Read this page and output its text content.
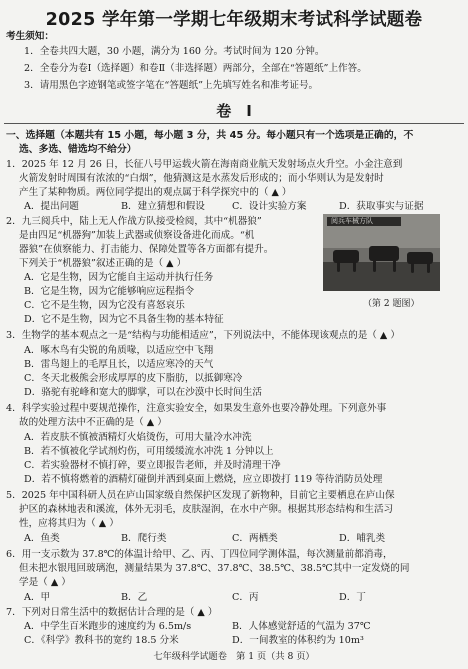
2025 学年第一学期七年级期末考试科学试题卷
考生须知：
1．全卷共四大题，30 小题，满分为 160 分。考试时间为 120 分钟。
2．全卷分为卷Ⅰ（选择题）和卷Ⅱ（非选择题）两部分，全部在“答题纸”上作答。
3．请用黑色字迹钢笔或签字笔在“答题纸”上先填写姓名和准考证号。
卷　Ⅰ
一、选择题（本题共有 15 小题，每小题 3 分，共 45 分。每小题只有一个选项是正确的，不
选、多选、错选均不给分）
1．2025 年 12 月 26 日，长征八号甲运载火箭在海南商业航天发射场点火升空。小金注意到
火箭发射时周围有浓浓的“白烟”，他猜测这是水蒸发后形成的；而小华则认为是发射时
产生了某种物质。两位同学提出的观点属于科学探究中的（ ▲ ）
A．提出问题	B．建立猜想和假设	C．设计实验方案
阅兵车械方队
D．获取事实与证据
2．九三阅兵中，陆上无人作战方队接受检阅，其中“机器狼”
是由四足“机器狗”加装上武器或侦察设备进化而成。“机
器狼”在侦察能力、打击能力、保障处置等各方面都有提升。
下列关于“机器狼”叙述正确的是（ ▲ ）
A．它是生物，因为它能自主运动并执行任务
B．它是生物，因为它能够响应远程指令
C．它不是生物，因为它没有喜怒哀乐
D．它不是生物，因为它不具备生物的基本特征
（第 2 题图）
3．生物学的基本观点之一是“结构与功能相适应”，下列说法中，不能体现该观点的是（ ▲ ）
A．啄木鸟有尖锐的角质喙，以适应空中飞翔
B．雷鸟翅上的毛厚且长，以适应寒冷的天气
C．冬天北极熊会形成厚厚的皮下脂肪，以抵御寒冷
D．骆驼有驼峰和宽大的脚掌，可以在沙漠中长时间生活
4．科学实验过程中要规范操作，注意实验安全，如果发生意外也要冷静处理。下列意外事
故的处理方法中不正确的是（ ▲ ）
A．若皮肤不慎被酒精灯火焰烫伤，可用大量冷水冲洗
B．若不慎被化学试剂灼伤，可用缓缓流水冲洗 1 分钟以上
C．若实验器材不慎打碎，要立即报告老师，并及时清理干净
D．若不慎将燃着的酒精灯碰倒并洒到桌面上燃烧，应立即拨打 119 等待消防员处理
5．2025 年中国科研人员在庐山国家级自然保护区发现了新物种，目前它主要栖息在庐山保
护区的森林地表和溪流，体外无羽毛，皮肤湿润，在水中产卵。根据其形态结构和生活习
性，应将其归为（ ▲ ）
A．鱼类	B．爬行类	C．两栖类	D．哺乳类
6．用一支示数为 37.8℃的体温计给甲、乙、丙、丁四位同学测体温，每次测量前都消毒，
但未把水银甩回玻璃泡，测量结果为 37.8℃、37.8℃、38.5℃、38.5℃其中一定发烧的同
学是（ ▲ ）
A．甲	B．乙	C．丙	D．丁
7．下列对日常生活中的数据估计合理的是（ ▲ ）
A．中学生百米跑步的速度约为 6.5m/s	B．人体感觉舒适的气温为 37℃
C．《科学》教科书的宽约 18.5 分米	D．一间教室的体积约为 10m³
七年级科学试题卷　第 1 页（共 8 页）
